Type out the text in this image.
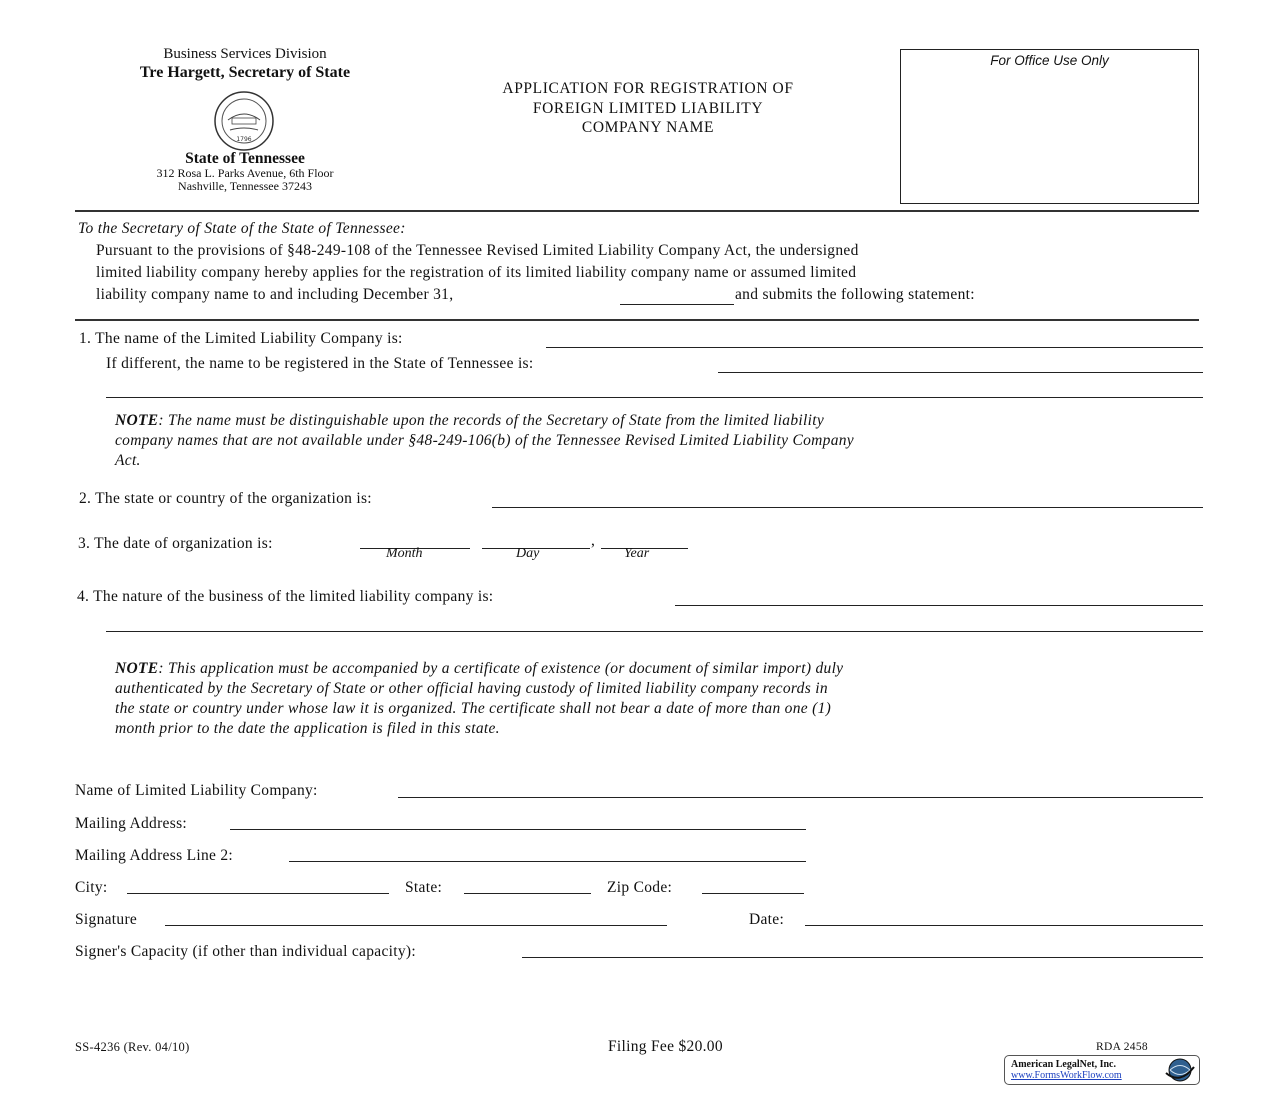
Business Services Division
Tre Hargett, Secretary of State
1796
State of Tennessee
312 Rosa L. Parks Avenue, 6th Floor
Nashville, Tennessee 37243
APPLICATION FOR REGISTRATION OF
FOREIGN LIMITED LIABILITY
COMPANY NAME
For Office Use Only
To the Secretary of State of the State of Tennessee:
Pursuant to the provisions of §48-249-108 of the Tennessee Revised Limited Liability Company Act, the undersigned
limited liability company hereby applies for the registration of its limited liability company name or assumed limited
liability company name to and including December 31,	and submits the following statement:
1. The name of the Limited Liability Company is:
If different, the name to be registered in the State of Tennessee is:
NOTE: The name must be distinguishable upon the records of the Secretary of State from the limited liability
company names that are not available under §48-249-106(b) of the Tennessee Revised Limited Liability Company
Act.
2. The state or country of the organization is:
3. The date of organization is:	,
Month	Day	Year
4. The nature of the business of the limited liability company is:
NOTE: This application must be accompanied by a certificate of existence (or document of similar import) duly
authenticated by the Secretary of State or other official having custody of limited liability company records in
the state or country under whose law it is organized. The certificate shall not bear a date of more than one (1)
month prior to the date the application is filed in this state.
Name of Limited Liability Company:
Mailing Address:
Mailing Address Line 2:
City:	State:	Zip Code:
Signature	Date:
Signer's Capacity (if other than individual capacity):
SS-4236 (Rev. 04/10)	Filing Fee $20.00	RDA 2458
American LegalNet, Inc.
www.FormsWorkFlow.com
